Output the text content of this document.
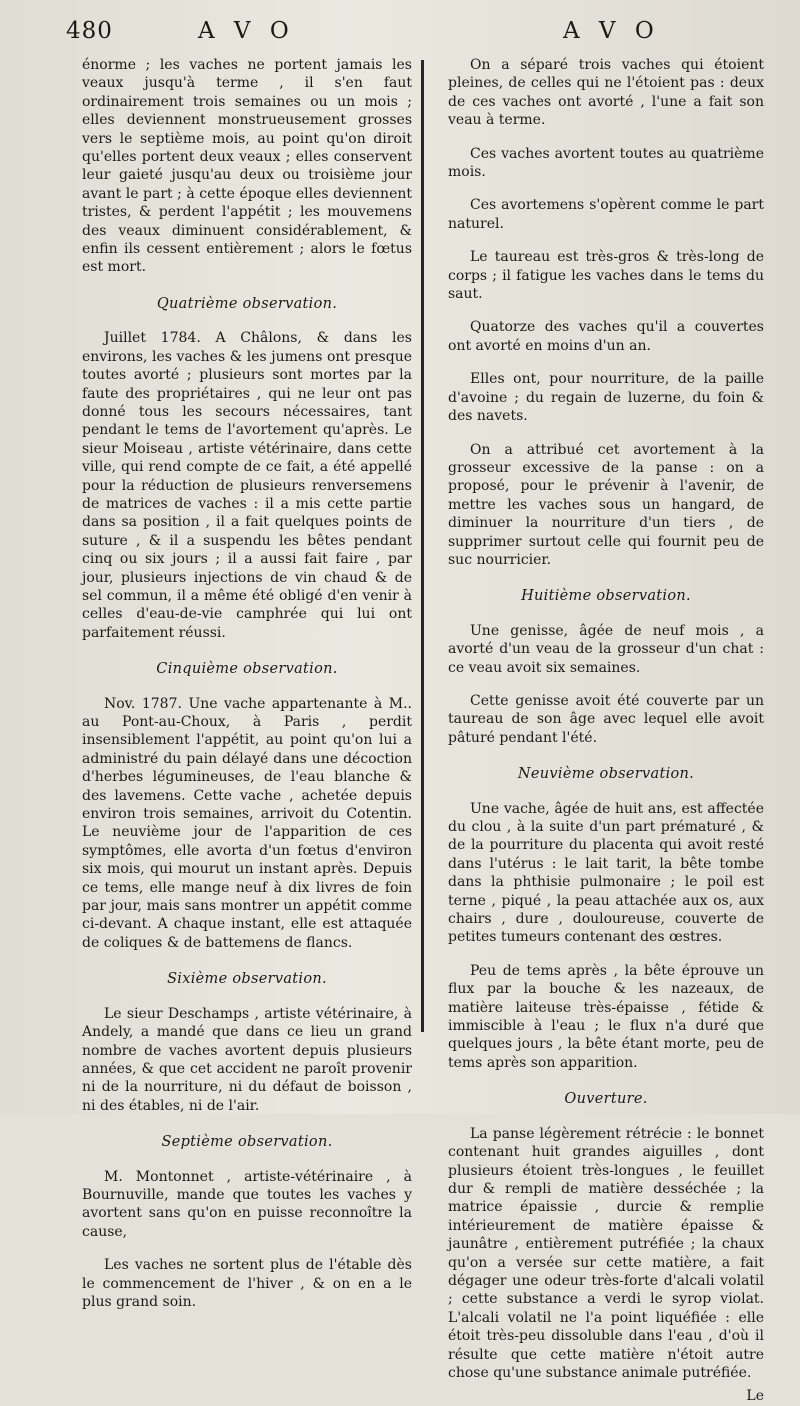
480	A V O	A V O

énorme ; les vaches ne portent jamais les veaux jusqu'à terme , il s'en faut ordinairement trois semaines ou un mois ; elles deviennent monstrueusement grosses vers le septième mois, au point qu'on diroit qu'elles portent deux veaux ; elles conservent leur gaieté jusqu'au deux ou troisième jour avant le part ; à cette époque elles deviennent tristes, & perdent l'appétit ; les mouvemens des veaux diminuent considérablement, & enfin ils cessent entièrement ; alors le fœtus est mort.

Quatrième observation.

Juillet 1784. A Châlons, & dans les environs, les vaches & les jumens ont presque toutes avorté ; plusieurs sont mortes par la faute des propriétaires , qui ne leur ont pas donné tous les secours nécessaires, tant pendant le tems de l'avortement qu'après. Le sieur Moiseau , artiste vétérinaire, dans cette ville, qui rend compte de ce fait, a été appellé pour la réduction de plusieurs renversemens de matrices de vaches : il a mis cette partie dans sa position , il a fait quelques points de suture , & il a suspendu les bêtes pendant cinq ou six jours ; il a aussi fait faire , par jour, plusieurs injections de vin chaud & de sel commun, il a même été obligé d'en venir à celles d'eau-de-vie camphrée qui lui ont parfaitement réussi.

Cinquième observation.

Nov. 1787. Une vache appartenante à M.. au Pont-au-Choux, à Paris , perdit insensiblement l'appétit, au point qu'on lui a administré du pain délayé dans une décoction d'herbes légumineuses, de l'eau blanche & des lavemens. Cette vache , achetée depuis environ trois semaines, arrivoit du Cotentin. Le neuvième jour de l'apparition de ces symptômes, elle avorta d'un fœtus d'environ six mois, qui mourut un instant après. Depuis ce tems, elle mange neuf à dix livres de foin par jour, mais sans montrer un appétit comme ci-devant. A chaque instant, elle est attaquée de coliques & de battemens de flancs.

Sixième observation.

Le sieur Deschamps , artiste vétérinaire, à Andely, a mandé que dans ce lieu un grand nombre de vaches avortent depuis plusieurs années, & que cet accident ne paroît provenir ni de la nourriture, ni du défaut de boisson , ni des étables, ni de l'air.

Septième observation.

M. Montonnet , artiste-vétérinaire , à Bournuville, mande que toutes les vaches y avortent sans qu'on en puisse reconnoître la cause,

Les vaches ne sortent plus de l'étable dès le commencement de l'hiver , & on en a le plus grand soin.

On a séparé trois vaches qui étoient pleines, de celles qui ne l'étoient pas : deux de ces vaches ont avorté , l'une a fait son veau à terme.

Ces vaches avortent toutes au quatrième mois.

Ces avortemens s'opèrent comme le part naturel.

Le taureau est très-gros & très-long de corps ; il fatigue les vaches dans le tems du saut.

Quatorze des vaches qu'il a couvertes ont avorté en moins d'un an.

Elles ont, pour nourriture, de la paille d'avoine ; du regain de luzerne, du foin & des navets.

On a attribué cet avortement à la grosseur excessive de la panse : on a proposé, pour le prévenir à l'avenir, de mettre les vaches sous un hangard, de diminuer la nourriture d'un tiers , de supprimer surtout celle qui fournit peu de suc nourricier.

Huitième observation.

Une genisse, âgée de neuf mois , a avorté d'un veau de la grosseur d'un chat : ce veau avoit six semaines.

Cette genisse avoit été couverte par un taureau de son âge avec lequel elle avoit pâturé pendant l'été.

Neuvième observation.

Une vache, âgée de huit ans, est affectée du clou , à la suite d'un part prématuré , & de la pourriture du placenta qui avoit resté dans l'utérus : le lait tarit, la bête tombe dans la phthisie pulmonaire ; le poil est terne , piqué , la peau attachée aux os, aux chairs , dure , douloureuse, couverte de petites tumeurs contenant des œstres.

Peu de tems après , la bête éprouve un flux par la bouche & les nazeaux, de matière laiteuse très-épaisse , fétide & immiscible à l'eau ; le flux n'a duré que quelques jours , la bête étant morte, peu de tems après son apparition.

Ouverture.

La panse légèrement rétrécie : le bonnet contenant huit grandes aiguilles , dont plusieurs étoient très-longues , le feuillet dur & rempli de matière desséchée ; la matrice épaissie , durcie & remplie intérieurement de matière épaisse & jaunâtre , entièrement putréfiée ; la chaux qu'on a versée sur cette matière, a fait dégager une odeur très-forte d'alcali volatil ; cette substance a verdi le syrop violat. L'alcali volatil ne l'a point liquéfiée : elle étoit très-peu dissoluble dans l'eau , d'où il résulte que cette matière n'étoit autre chose qu'une substance animale putréfiée.

Le
